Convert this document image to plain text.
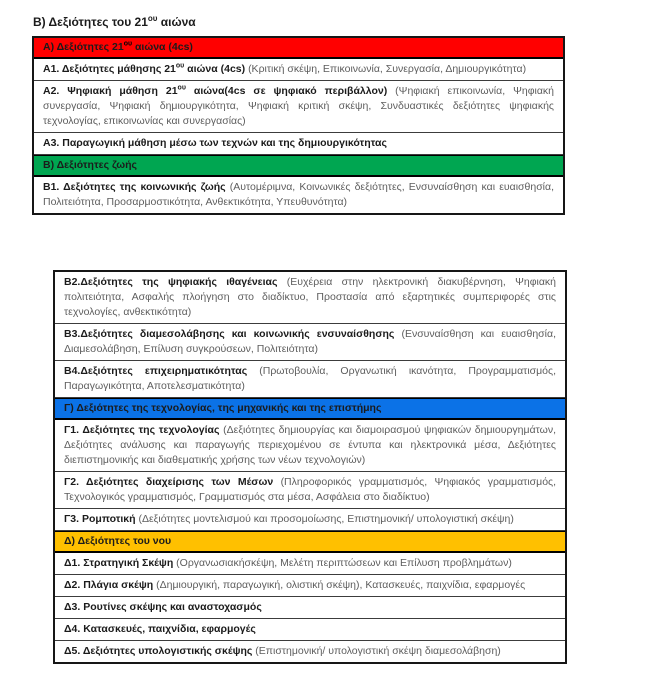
Β) Δεξιότητες του $21^{o\upsilon}$ αιώνα
Α) Δεξιότητες $21^{o\upsilon}$ αιώνα (4cs)
Α1. Δεξιότητες μάθησης $21^{o\upsilon}$ αιώνα (4cs) (Κριτική σκέψη, Επικοινωνία, Συνεργασία, Δημιουργικότητα)
Α2. Ψηφιακή μάθηση $21^{o\upsilon}$ αιώνα(4cs σε ψηφιακό περιβάλλον) (Ψηφιακή επικοινωνία, Ψηφιακή συνεργασία, Ψηφιακή δημιουργικότητα, Ψηφιακή κριτική σκέψη, Συνδυαστικές δεξιότητες ψηφιακής τεχνολογίας, επικοινωνίας και συνεργασίας)
Α3. Παραγωγική μάθηση μέσω των τεχνών και της δημιουργικότητας
Β) Δεξιότητες ζωής
Β1. Δεξιότητες της κοινωνικής ζωής (Αυτομέριμνα, Κοινωνικές δεξιότητες, Ενσυναίσθηση και ευαισθησία, Πολιτειότητα, Προσαρμοστικότητα, Ανθεκτικότητα, Υπευθυνότητα)
Β2.Δεξιότητες της ψηφιακής ιθαγένειας (Ευχέρεια στην ηλεκτρονική διακυβέρνηση, Ψηφιακή πολιτειότητα, Ασφαλής πλοήγηση στο διαδίκτυο, Προστασία από εξαρτητικές συμπεριφορές στις τεχνολογίες, ανθεκτικότητα)
Β3.Δεξιότητες διαμεσολάβησης και κοινωνικής ενσυναίσθησης (Ενσυναίσθηση και ευαισθησία, Διαμεσολάβηση, Επίλυση συγκρούσεων, Πολιτειότητα)
Β4.Δεξιότητες επιχειρηματικότητας (Πρωτοβουλία, Οργανωτική ικανότητα, Προγραμματισμός, Παραγωγικότητα, Αποτελεσματικότητα)
Γ) Δεξιότητες της τεχνολογίας, της μηχανικής και της επιστήμης
Γ1. Δεξιότητες της τεχνολογίας (Δεξιότητες δημιουργίας και διαμοιρασμού ψηφιακών δημιουργημάτων, Δεξιότητες ανάλυσης και παραγωγής περιεχομένου σε έντυπα και ηλεκτρονικά μέσα, Δεξιότητες διεπιστημονικής και διαθεματικής χρήσης των νέων τεχνολογιών)
Γ2. Δεξιότητες διαχείρισης των Μέσων (Πληροφορικός γραμματισμός, Ψηφιακός γραμματισμός, Τεχνολογικός γραμματισμός, Γραμματισμός στα μέσα, Ασφάλεια στο διαδίκτυο)
Γ3. Ρομποτική (Δεξιότητες μοντελισμού και προσομοίωσης, Επιστημονική/ υπολογιστική σκέψη)
Δ) Δεξιότητες του νου
Δ1. Στρατηγική Σκέψη (Οργανωσιακήσκέψη, Μελέτη περιπτώσεων και Επίλυση προβλημάτων)
Δ2. Πλάγια σκέψη (Δημιουργική, παραγωγική, ολιστική σκέψη), Κατασκευές, παιχνίδια, εφαρμογές
Δ3. Ρουτίνες σκέψης και αναστοχασμός
Δ4. Κατασκευές, παιχνίδια, εφαρμογές
Δ5. Δεξιότητες υπολογιστικής σκέψης (Επιστημονική/ υπολογιστική σκέψη διαμεσολάβηση)
